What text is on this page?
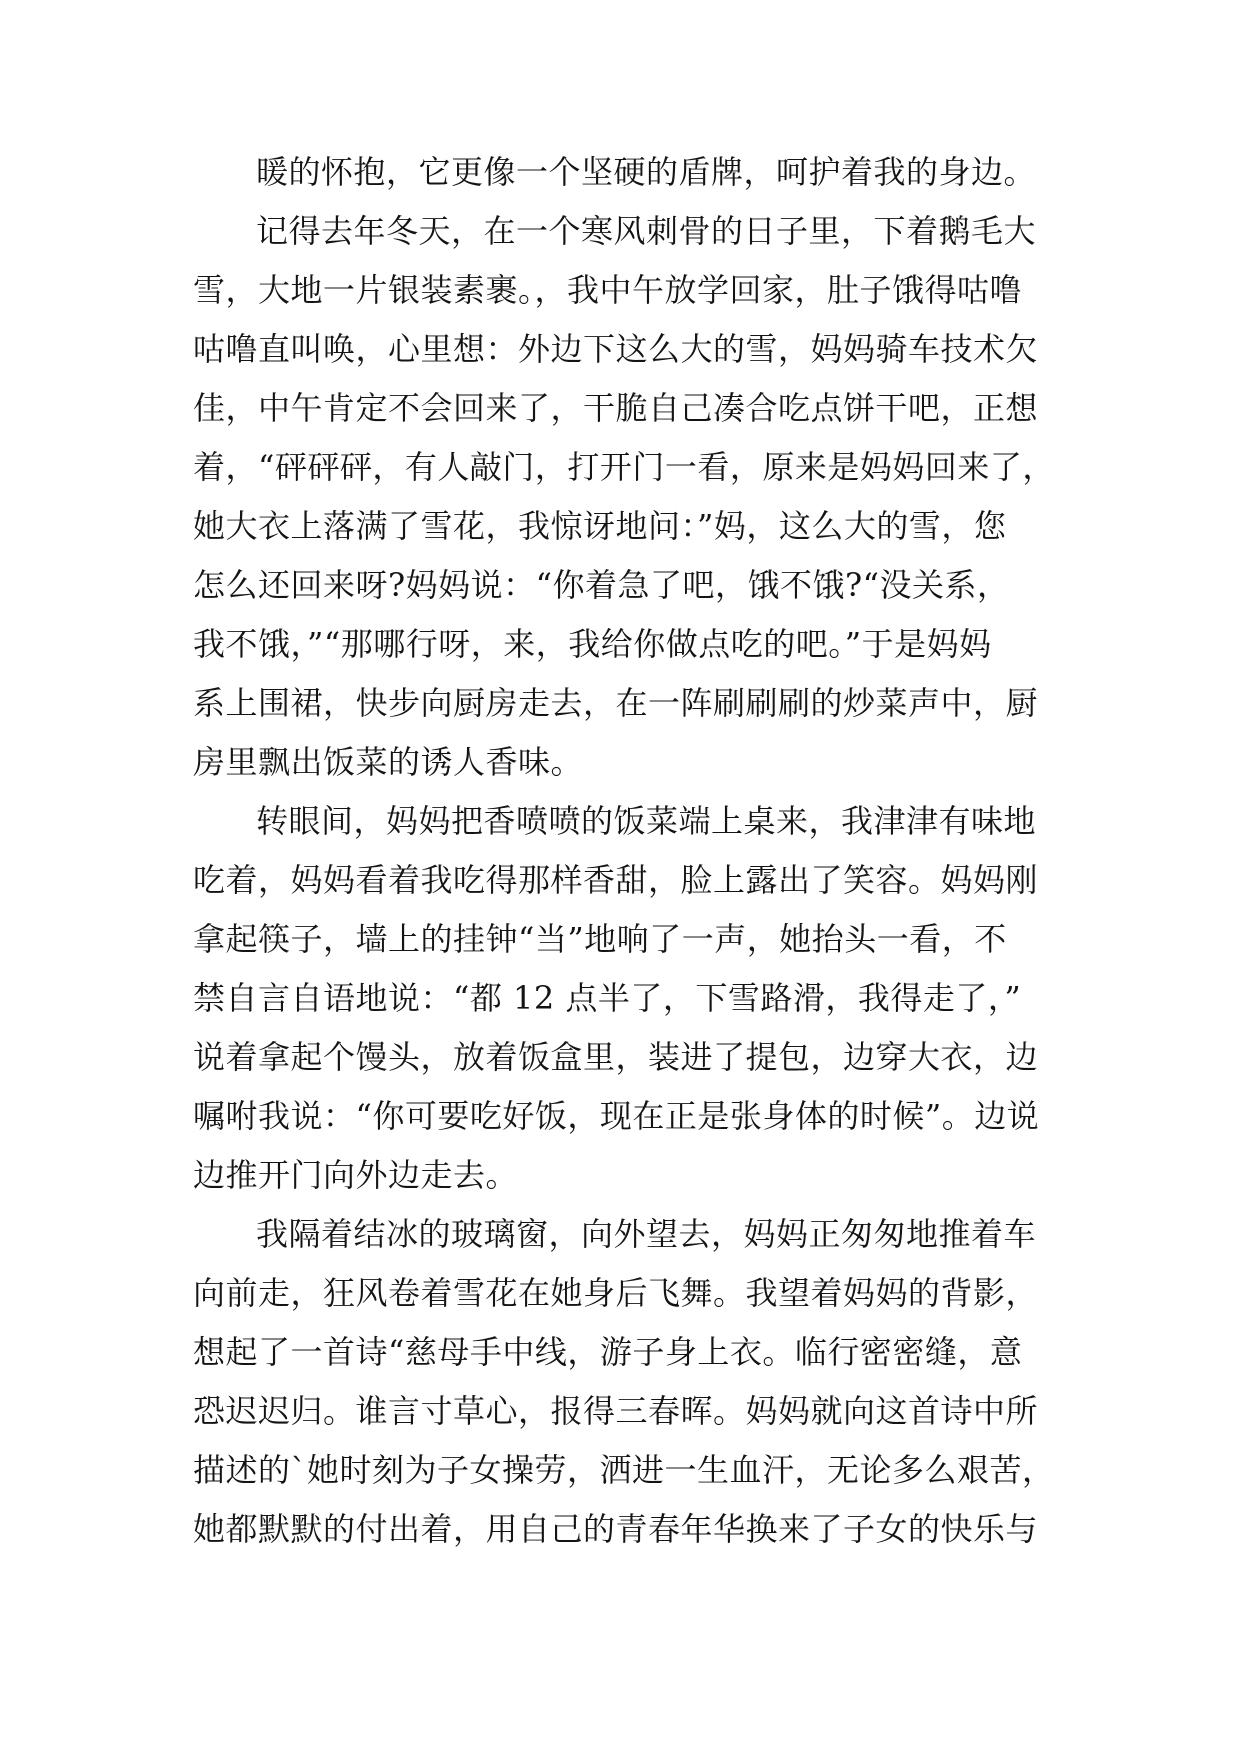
暖的怀抱，它更像一个坚硬的盾牌，呵护着我的身边。

记得去年冬天，在一个寒风刺骨的日子里，下着鹅毛大

雪，大地一片银装素裹。，我中午放学回家，肚子饿得咕噜

咕噜直叫唤，心里想：外边下这么大的雪，妈妈骑车技术欠

佳，中午肯定不会回来了，干脆自己凑合吃点饼干吧，正想

着，“砰砰砰，有人敲门，打开门一看，原来是妈妈回来了，

她大衣上落满了雪花，我惊讶地问：”妈，这么大的雪，您

怎么还回来呀?妈妈说：“你着急了吧，饿不饿?“没关系，

我不饿，”“那哪行呀，来，我给你做点吃的吧。”于是妈妈

系上围裙，快步向厨房走去，在一阵刷刷刷的炒菜声中，厨

房里飘出饭菜的诱人香味。

转眼间，妈妈把香喷喷的饭菜端上桌来，我津津有味地

吃着，妈妈看着我吃得那样香甜，脸上露出了笑容。妈妈刚

拿起筷子，墙上的挂钟“当”地响了一声，她抬头一看，不

禁自言自语地说：“都 12 点半了，下雪路滑，我得走了，”

说着拿起个馒头，放着饭盒里，装进了提包，边穿大衣，边

嘱咐我说：“你可要吃好饭，现在正是张身体的时候”。边说

边推开门向外边走去。

我隔着结冰的玻璃窗，向外望去，妈妈正匆匆地推着车

向前走，狂风卷着雪花在她身后飞舞。我望着妈妈的背影，

想起了一首诗“慈母手中线，游子身上衣。临行密密缝，意

恐迟迟归。谁言寸草心，报得三春晖。妈妈就向这首诗中所

描述的`她时刻为子女操劳，洒进一生血汗，无论多么艰苦，

她都默默的付出着，用自己的青春年华换来了子女的快乐与
